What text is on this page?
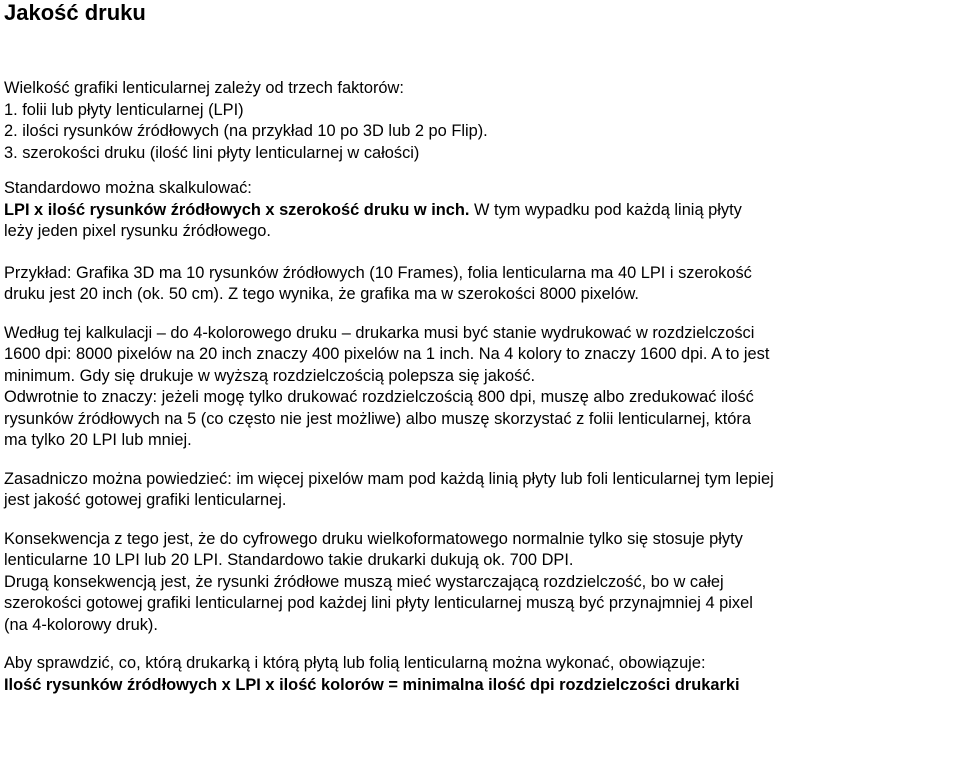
Jakość druku
Wielkość grafiki lenticularnej zależy od trzech faktorów:
1. folii lub płyty lenticularnej (LPI)
2. ilości rysunków źródłowych (na przykład 10 po 3D lub 2 po Flip).
3. szerokości druku (ilość lini płyty lenticularnej w całości)
Standardowo można skalkulować:
LPI x ilość rysunków źródłowych x szerokość druku w inch. W tym wypadku pod każdą linią płyty
leży jeden pixel rysunku źródłowego.
Przykład: Grafika 3D ma 10 rysunków źródłowych (10 Frames), folia lenticularna ma 40 LPI i szerokość
druku jest 20 inch (ok. 50 cm). Z tego wynika, że grafika ma w szerokości 8000 pixelów.
Według tej kalkulacji – do 4-kolorowego druku – drukarka musi być stanie wydrukować w rozdzielczości
1600 dpi: 8000 pixelów na 20 inch znaczy 400 pixelów na 1 inch. Na 4 kolory to znaczy 1600 dpi. A to jest
minimum. Gdy się drukuje w wyższą rozdzielczością polepsza się jakość.
Odwrotnie to znaczy: jeżeli mogę tylko drukować rozdzielczością 800 dpi, muszę albo zredukować ilość
rysunków źródłowych na 5 (co często nie jest możliwe) albo muszę skorzystać z folii lenticularnej, która
ma tylko 20 LPI lub mniej.
Zasadniczo można powiedzieć: im więcej pixelów mam pod każdą linią płyty lub foli lenticularnej tym lepiej
jest jakość gotowej grafiki lenticularnej.
Konsekwencja z tego jest, że do cyfrowego druku wielkoformatowego normalnie tylko się stosuje płyty
lenticularne 10 LPI lub 20 LPI. Standardowo takie drukarki dukują ok. 700 DPI.
Drugą konsekwencją jest, że rysunki źródłowe muszą mieć wystarczającą rozdzielczość, bo w całej
szerokości gotowej grafiki lenticularnej pod każdej lini płyty lenticularnej muszą być przynajmniej 4 pixel
(na 4-kolorowy druk).
Aby sprawdzić, co, którą drukarką i którą płytą lub folią lenticularną można wykonać, obowiązuje:
Ilość rysunków źródłowych x LPI x ilość kolorów = minimalna ilość dpi rozdzielczości drukarki
